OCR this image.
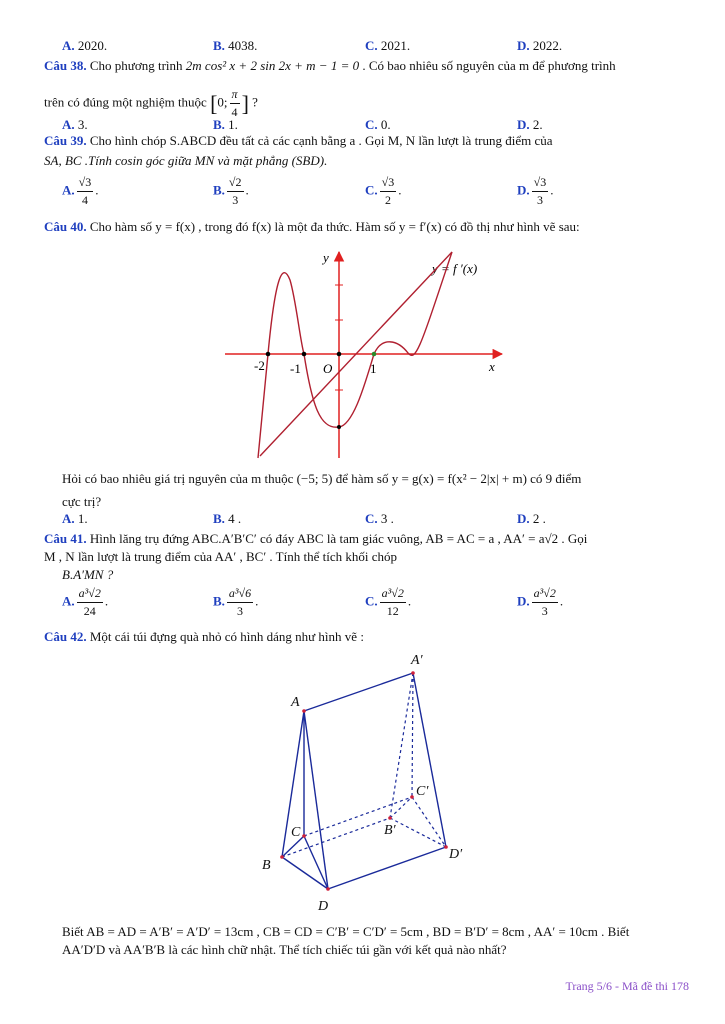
A. 2020.	B. 4038.	C. 2021.	D. 2022.
Câu 38. Cho phương trình 2m cos² x + 2 sin 2x + m − 1 = 0 . Có bao nhiêu số nguyên của m để phương trình
trên có đúng một nghiệm thuộc [0; $\frac{\pi}{4}$ ] ?
A. 3.	B. 1.	C. 0.	D. 2.
Câu 39. Cho hình chóp S.ABCD đều tất cả các cạnh bằng a . Gọi M, N lần lượt là trung điểm của
SA, BC .Tính cosin góc giữa MN và mặt phẳng (SBD).
A. $\frac{√3}{4}$ .	B. $\frac{√2}{3}$ .	C. $\frac{√3}{2}$ .	D. $\frac{√3}{3}$ .
Câu 40. Cho hàm số y = f(x) , trong đó f(x) là một đa thức. Hàm số y = f′(x) có đồ thị như hình vẽ sau:
y
x
O
-2 -1	1
y = f ′(x)
Hỏi có bao nhiêu giá trị nguyên của m thuộc (−5; 5) để hàm số y = g(x) = f(x² − 2|x| + m) có 9 điểm
cực trị?
A. 1.	B. 4 .	C. 3 .	D. 2 .
Câu 41. Hình lăng trụ đứng ABC.A′B′C′ có đáy ABC là tam giác vuông, AB = AC = a , AA′ = a√2 . Gọi
M , N lần lượt là trung điểm của AA′ , BC′ . Tính thể tích khối chóp
B.A′MN ?
A. $\frac{\text{a³√2}}{24}$ .	B. $\frac{\text{a³√6}}{3}$ .	C. $\frac{\text{a³√2}}{12}$ .	D. $\frac{\text{a³√2}}{3}$ .
Câu 42. Một cái túi đựng quà nhỏ có hình dáng như hình vẽ :
A
A′
B
C
D
B′
C′
D′
Biết AB = AD = A′B′ = A′D′ = 13cm , CB = CD = C′B′ = C′D′ = 5cm , BD = B′D′ = 8cm , AA′ = 10cm . Biết
AA′D′D và AA′B′B là các hình chữ nhật. Thể tích chiếc túi gần với kết quả nào nhất?
Trang 5/6 - Mã đề thi 178
